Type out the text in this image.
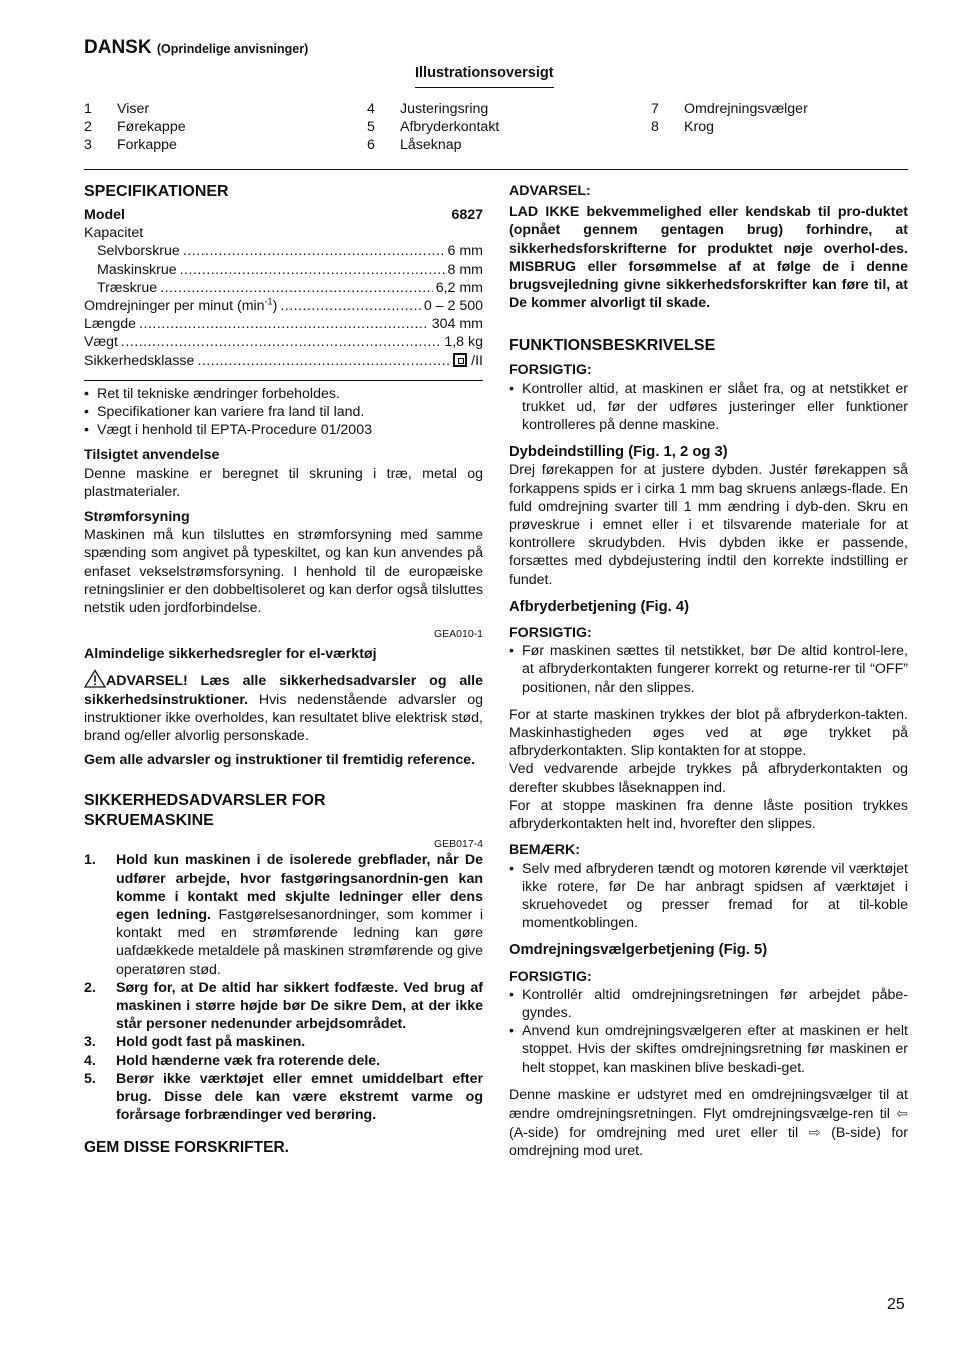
DANSK (Oprindelige anvisninger)
Illustrationsoversigt
1	Viser
2	Førekappe
3	Forkappe
4	Justeringsring
5	Afbryderkontakt
6	Låseknap
7	Omdrejningsvælger
8	Krog
SPECIFIKATIONER
Model	6827
Kapacitet
Selvborskrue .....	6 mm
Maskinskrue .....	8 mm
Træskrue .....	6,2 mm
Omdrejninger per minut $(\min^{-1})$ .....	0 – 2 500
Længde .....	304 mm
Vægt .....	1,8 kg
Sikkerhedsklasse .....	/II
• Ret til tekniske ændringer forbeholdes.
• Specifikationer kan variere fra land til land.
• Vægt i henhold til EPTA-Procedure 01/2003

Tilsigtet anvendelse

Denne maskine er beregnet til skruning i træ, metal og plastmaterialer.

Strømforsyning

Maskinen må kun tilsluttes en strømforsyning med samme spænding som angivet på typeskiltet, og kan kun anvendes på enfaset vekselstrømsforsyning. I henhold til de europæiske retningslinier er den dobbeltisoleret og kan derfor også tilsluttes netstik uden jordforbindelse.

GEA010-1

Almindelige sikkerhedsregler for el-værktøj

ADVARSEL! Læs alle sikkerhedsadvarsler og alle sikkerhedsinstruktioner. Hvis nedenstående advarsler og instruktioner ikke overholdes, kan resultatet blive elektrisk stød, brand og/eller alvorlig personskade.

Gem alle advarsler og instruktioner til fremtidig reference.

SIKKERHEDSADVARSLER FOR
SKRUEMASKINE
GEB017-4
1.	Hold kun maskinen i de isolerede grebflader, når De udfører arbejde, hvor fastgøringsanordnin-gen kan komme i kontakt med skjulte ledninger eller dens egen ledning. Fastgørelsesanordninger, som kommer i kontakt med en strømførende ledning kan gøre uafdækkede metaldele på maskinen strømførende og give operatøren stød.
2.	Sørg for, at De altid har sikkert fodfæste. Ved brug af maskinen i større højde bør De sikre Dem, at der ikke står personer nedenunder arbejdsområdet.
3.	Hold godt fast på maskinen.
4.	Hold hænderne væk fra roterende dele.
5.	Berør ikke værktøjet eller emnet umiddelbart efter brug. Disse dele kan være ekstremt varme og forårsage forbrændinger ved berøring.
GEM DISSE FORSKRIFTER.

ADVARSEL:

LAD IKKE bekvemmelighed eller kendskab til pro-duktet (opnået gennem gentagen brug) forhindre, at sikkerhedsforskrifterne for produktet nøje overhol-des. MISBRUG eller forsømmelse af at følge de i denne brugsvejledning givne sikkerhedsforskrifter kan føre til, at De kommer alvorligt til skade.

FUNKTIONSBESKRIVELSE

FORSIGTIG:

• Kontroller altid, at maskinen er slået fra, og at netstikket er trukket ud, før der udføres justeringer eller funktioner kontrolleres på denne maskine.

Dybdeindstilling (Fig. 1, 2 og 3)

Drej førekappen for at justere dybden. Justér førekappen så forkappens spids er i cirka 1 mm bag skruens anlægs-flade. En fuld omdrejning svarter till 1 mm ændring i dyb-den. Skru en prøveskrue i emnet eller i et tilsvarende materiale for at kontrollere skrudybden. Hvis dybden ikke er passende, forsættes med dybdejustering indtil den korrekte indstilling er fundet.

Afbryderbetjening (Fig. 4)

FORSIGTIG:

• Før maskinen sættes til netstikket, bør De altid kontrol-lere, at afbryderkontakten fungerer korrekt og returne-rer til “OFF” positionen, når den slippes.

For at starte maskinen trykkes der blot på afbryderkon-takten. Maskinhastigheden øges ved at øge trykket på afbryderkontakten. Slip kontakten for at stoppe.

Ved vedvarende arbejde trykkes på afbryderkontakten og derefter skubbes låseknappen ind.

For at stoppe maskinen fra denne låste position trykkes afbryderkontakten helt ind, hvorefter den slippes.

BEMÆRK:

• Selv med afbryderen tændt og motoren kørende vil værktøjet ikke rotere, før De har anbragt spidsen af værktøjet i skruehovedet og presser fremad for at til-koble momentkoblingen.

Omdrejningsvælgerbetjening (Fig. 5)

FORSIGTIG:

• Kontrollér altid omdrejningsretningen før arbejdet påbe-gyndes.
• Anvend kun omdrejningsvælgeren efter at maskinen er helt stoppet. Hvis der skiftes omdrejningsretning før maskinen er helt stoppet, kan maskinen blive beskadi-get.

Denne maskine er udstyret med en omdrejningsvælger til at ændre omdrejningsretningen. Flyt omdrejningsvælge-ren til ⇦ (A-side) for omdrejning med uret eller til ⇨ (B-side) for omdrejning mod uret.

25
